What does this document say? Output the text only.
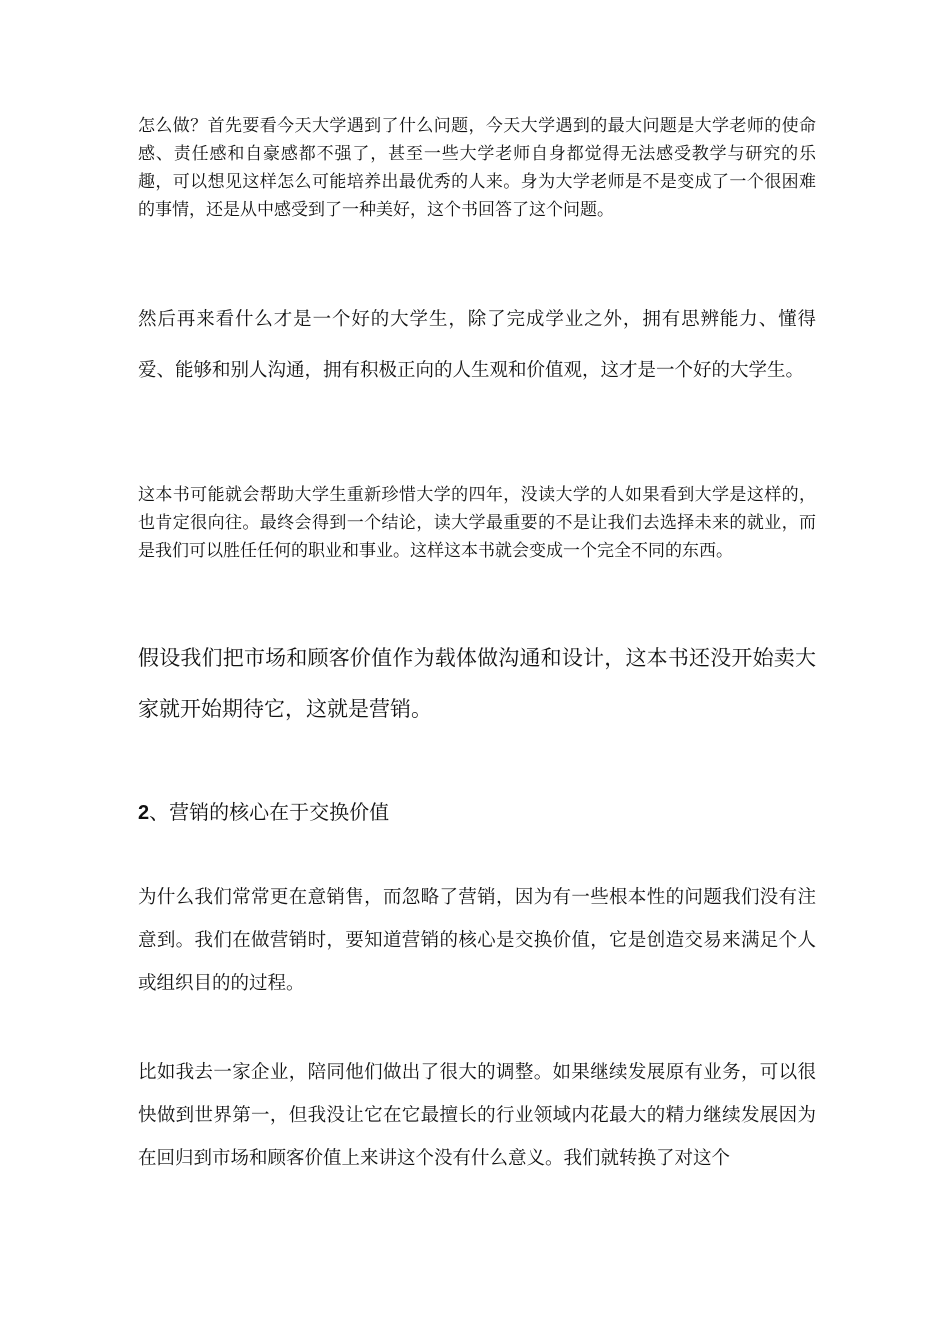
怎么做？首先要看今天大学遇到了什么问题，今天大学遇到的最大问题是大学老师的使命感、责任感和自豪感都不强了，甚至一些大学老师自身都觉得无法感受教学与研究的乐趣，可以想见这样怎么可能培养出最优秀的人来。身为大学老师是不是变成了一个很困难的事情，还是从中感受到了一种美好，这个书回答了这个问题。

然后再来看什么才是一个好的大学生，除了完成学业之外，拥有思辨能力、懂得爱、能够和别人沟通，拥有积极正向的人生观和价值观，这才是一个好的大学生。

这本书可能就会帮助大学生重新珍惜大学的四年，没读大学的人如果看到大学是这样的，也肯定很向往。最终会得到一个结论，读大学最重要的不是让我们去选择未来的就业，而是我们可以胜任任何的职业和事业。这样这本书就会变成一个完全不同的东西。

假设我们把市场和顾客价值作为载体做沟通和设计，这本书还没开始卖大家就开始期待它，这就是营销。

2、营销的核心在于交换价值

为什么我们常常更在意销售，而忽略了营销，因为有一些根本性的问题我们没有注意到。我们在做营销时，要知道营销的核心是交换价值，它是创造交易来满足个人或组织目的的过程。

比如我去一家企业，陪同他们做出了很大的调整。如果继续发展原有业务，可以很快做到世界第一，但我没让它在它最擅长的行业领域内花最大的精力继续发展因为在回归到市场和顾客价值上来讲这个没有什么意义。我们就转换了对这个
